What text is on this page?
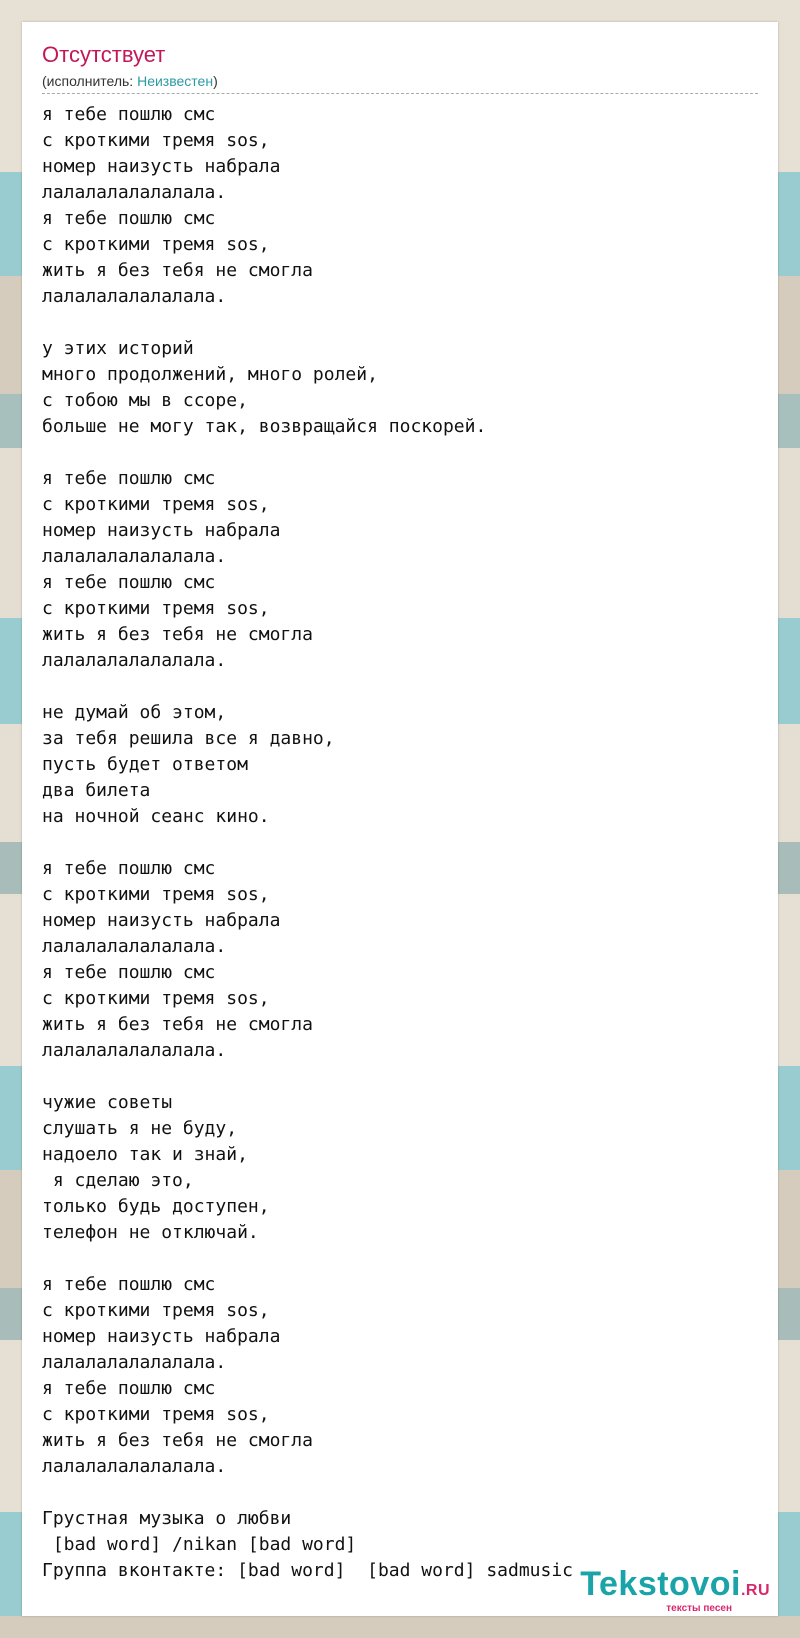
Отсутствует
(исполнитель: Неизвестен)
я тебе пошлю смс
с кроткими тремя sos,
номер наизусть набрала
лалалалалалалала.
я тебе пошлю смс
с кроткими тремя sos,
жить я без тебя не смогла
лалалалалалалала.

у этих историй
много продолжений, много ролей,
с тобою мы в ссоре,
больше не могу так, возвращайся поскорей.

я тебе пошлю смс
с кроткими тремя sos,
номер наизусть набрала
лалалалалалалала.
я тебе пошлю смс
с кроткими тремя sos,
жить я без тебя не смогла
лалалалалалалала.

не думай об этом,
за тебя решила все я давно,
пусть будет ответом
два билета
на ночной сеанс кино.

я тебе пошлю смс
с кроткими тремя sos,
номер наизусть набрала
лалалалалалалала.
я тебе пошлю смс
с кроткими тремя sos,
жить я без тебя не смогла
лалалалалалалала.

чужие советы
слушать я не буду,
надоело так и знай,
я сделаю это,
только будь доступен,
телефон не отключай.

я тебе пошлю смс
с кроткими тремя sos,
номер наизусть набрала
лалалалалалалала.
я тебе пошлю смс
с кроткими тремя sos,
жить я без тебя не смогла
лалалалалалалала.

Грустная музыка о любви
[bad word] /nikan [bad word]
Группа вконтакте: [bad word]  [bad word] sadmusic Tekstovoi.RU
тексты песен
